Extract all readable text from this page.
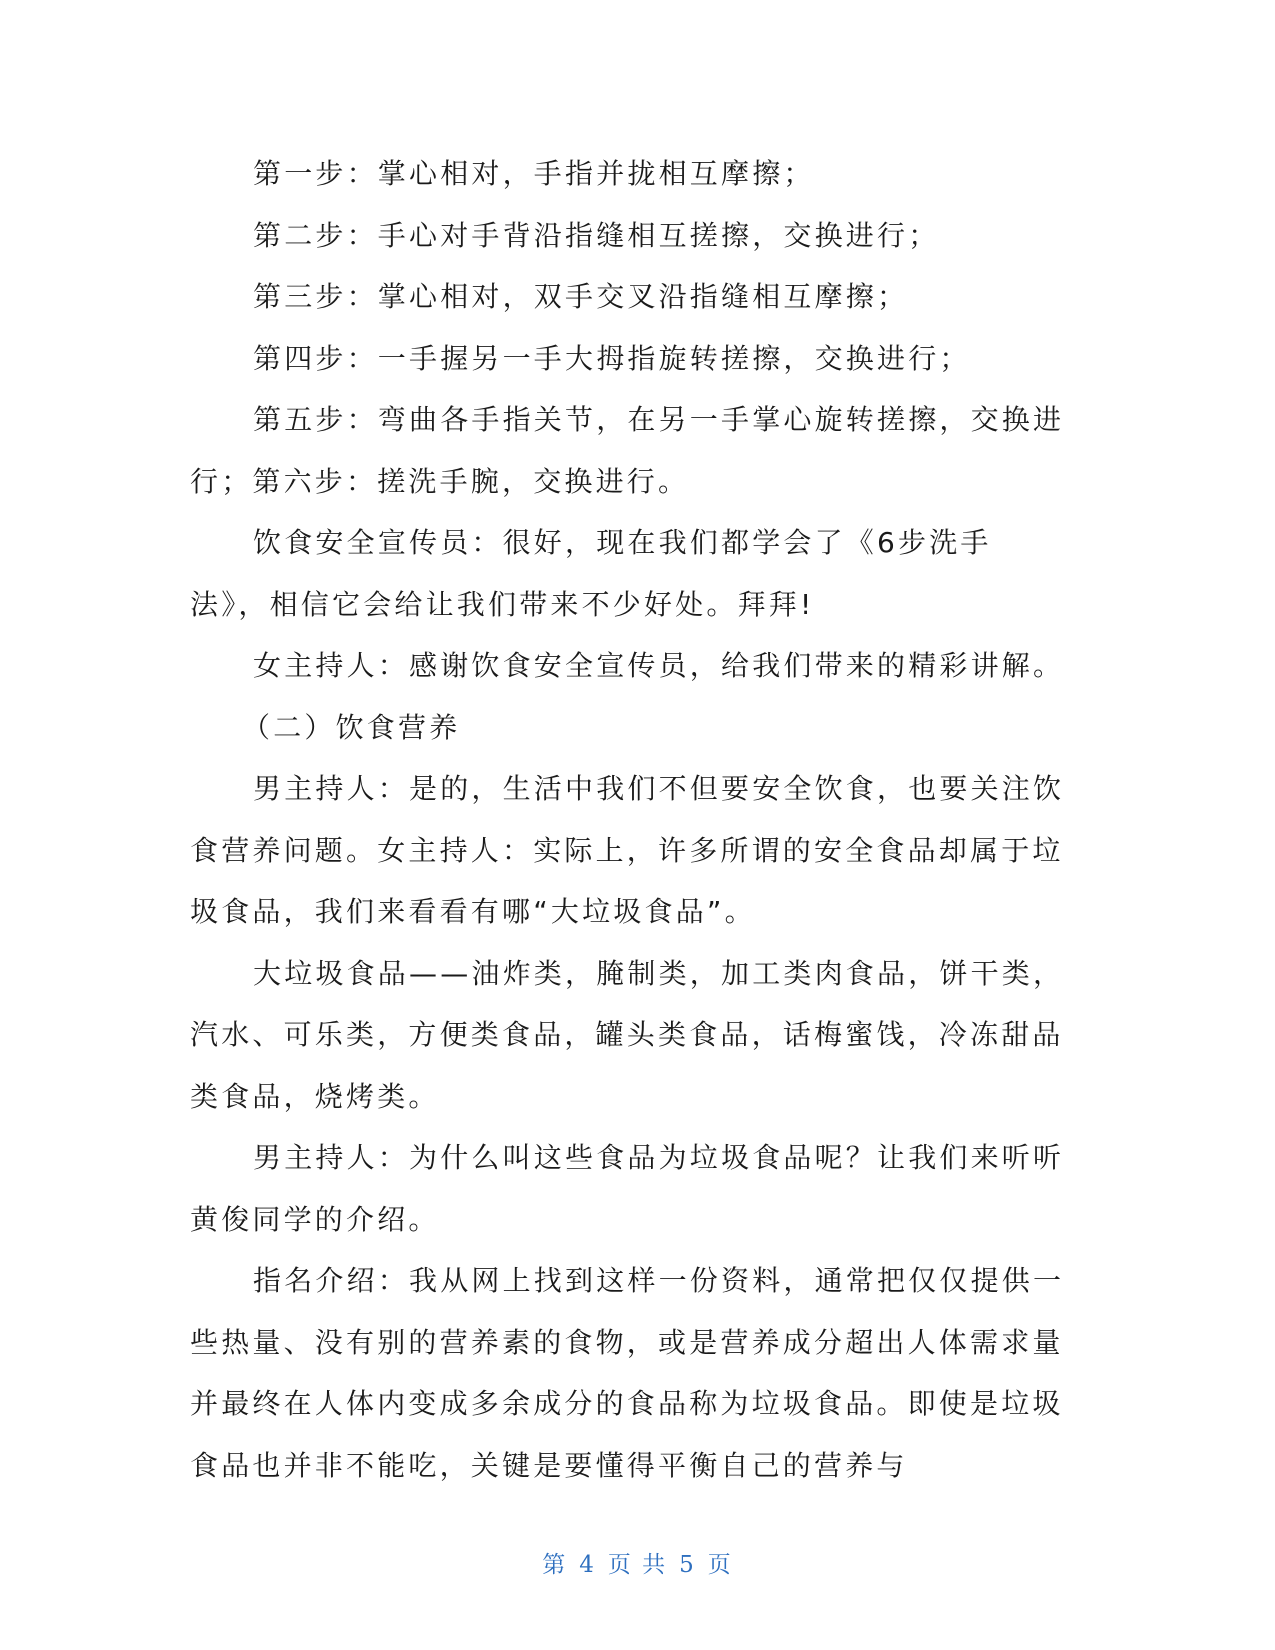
第一步：掌心相对，手指并拢相互摩擦；

第二步：手心对手背沿指缝相互搓擦，交换进行；

第三步：掌心相对，双手交叉沿指缝相互摩擦；

第四步：一手握另一手大拇指旋转搓擦，交换进行；

第五步：弯曲各手指关节，在另一手掌心旋转搓擦，交换进行；第六步：搓洗手腕，交换进行。

饮食安全宣传员：很好，现在我们都学会了《6步洗手法》，相信它会给让我们带来不少好处。拜拜!

女主持人：感谢饮食安全宣传员，给我们带来的精彩讲解。

（二）饮食营养

男主持人：是的，生活中我们不但要安全饮食，也要关注饮食营养问题。女主持人：实际上，许多所谓的安全食品却属于垃圾食品，我们来看看有哪“大垃圾食品”。

大垃圾食品——油炸类，腌制类，加工类肉食品，饼干类，汽水、可乐类，方便类食品，罐头类食品，话梅蜜饯，冷冻甜品类食品，烧烤类。

男主持人：为什么叫这些食品为垃圾食品呢？让我们来听听黄俊同学的介绍。

指名介绍：我从网上找到这样一份资料，通常把仅仅提供一些热量、没有别的营养素的食物，或是营养成分超出人体需求量并最终在人体内变成多余成分的食品称为垃圾食品。即使是垃圾食品也并非不能吃，关键是要懂得平衡自己的营养与

第 4 页 共 5 页
